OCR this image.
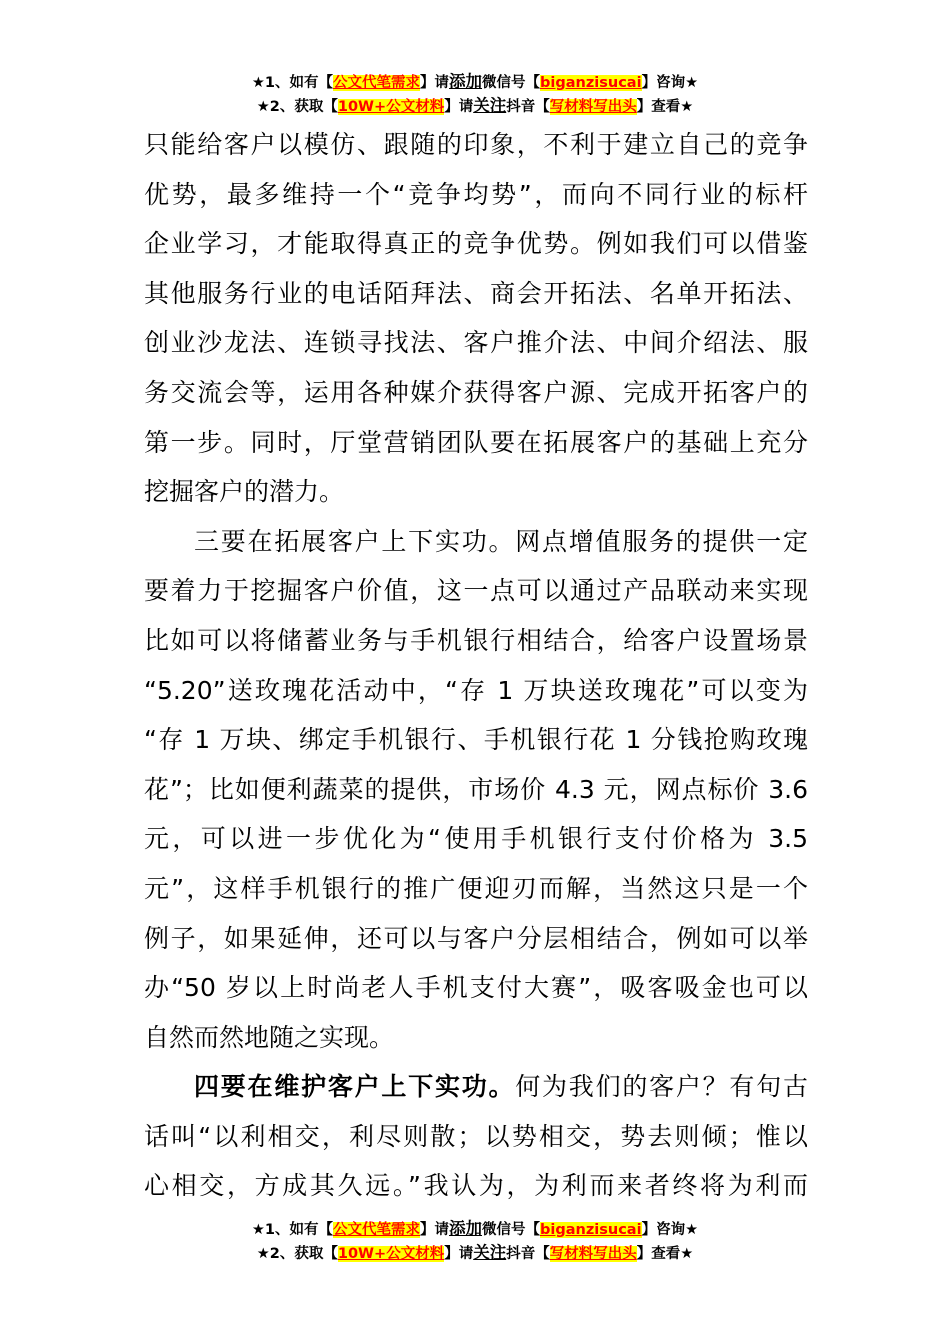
★1、如有【公文代笔需求】请添加微信号【biganzisucai】咨询★
★2、获取【10W+公文材料】请关注抖音【写材料写出头】查看★

只能给客户以模仿、跟随的印象，不利于建立自己的竞争

优势，最多维持一个“竞争均势”，而向不同行业的标杆

企业学习，才能取得真正的竞争优势。例如我们可以借鉴

其他服务行业的电话陌拜法、商会开拓法、名单开拓法、

创业沙龙法、连锁寻找法、客户推介法、中间介绍法、服

务交流会等，运用各种媒介获得客户源、完成开拓客户的

第一步。同时，厅堂营销团队要在拓展客户的基础上充分

挖掘客户的潜力。

三要在拓展客户上下实功。网点增值服务的提供一定

要着力于挖掘客户价值，这一点可以通过产品联动来实现

比如可以将储蓄业务与手机银行相结合，给客户设置场景

“5.20”送玫瑰花活动中，“存 1 万块送玫瑰花”可以变为

“存 1 万块、绑定手机银行、手机银行花 1 分钱抢购玫瑰

花”；比如便利蔬菜的提供，市场价 4.3 元，网点标价 3.6

元，可以进一步优化为“使用手机银行支付价格为 3.5

元”，这样手机银行的推广便迎刃而解，当然这只是一个

例子，如果延伸，还可以与客户分层相结合，例如可以举

办“50 岁以上时尚老人手机支付大赛”，吸客吸金也可以

自然而然地随之实现。

四要在维护客户上下实功。何为我们的客户？有句古

话叫“以利相交，利尽则散；以势相交，势去则倾；惟以

心相交，方成其久远。”我认为，为利而来者终将为利而

★1、如有【公文代笔需求】请添加微信号【biganzisucai】咨询★
★2、获取【10W+公文材料】请关注抖音【写材料写出头】查看★
